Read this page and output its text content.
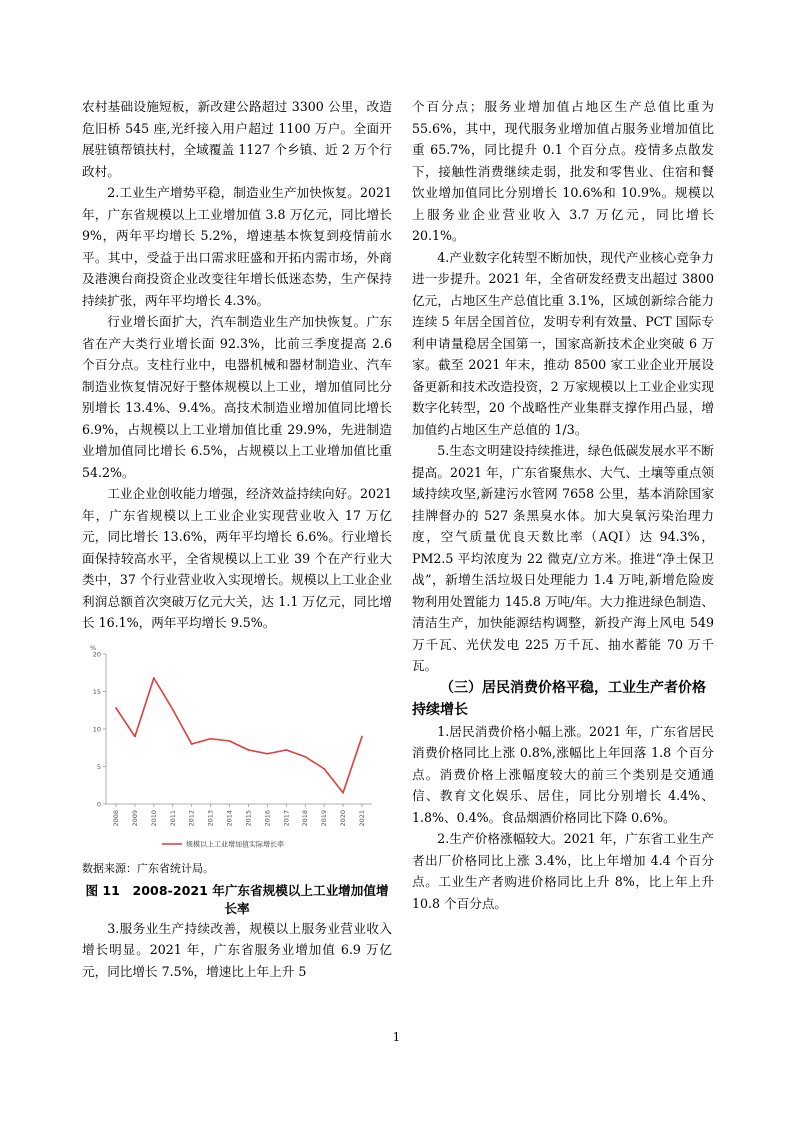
农村基础设施短板，新改建公路超过 3300 公里，改造危旧桥 545 座,光纤接入用户超过 1100 万户。全面开展驻镇帮镇扶村，全域覆盖 1127 个乡镇、近 2 万个行政村。

2.工业生产增势平稳，制造业生产加快恢复。2021 年，广东省规模以上工业增加值 3.8 万亿元，同比增长 9%，两年平均增长 5.2%，增速基本恢复到疫情前水平。其中，受益于出口需求旺盛和开拓内需市场，外商及港澳台商投资企业改变往年增长低迷态势，生产保持持续扩张，两年平均增长 4.3%。

行业增长面扩大，汽车制造业生产加快恢复。广东省在产大类行业增长面 92.3%，比前三季度提高 2.6 个百分点。支柱行业中，电器机械和器材制造业、汽车制造业恢复情况好于整体规模以上工业，增加值同比分别增长 13.4%、9.4%。高技术制造业增加值同比增长 6.9%，占规模以上工业增加值比重 29.9%，先进制造业增加值同比增长 6.5%，占规模以上工业增加值比重 54.2%。

工业企业创收能力增强，经济效益持续向好。2021 年，广东省规模以上工业企业实现营业收入 17 万亿元，同比增长 13.6%，两年平均增长 6.6%。行业增长面保持较高水平，全省规模以上工业 39 个在产行业大类中，37 个行业营业收入实现增长。规模以上工业企业利润总额首次突破万亿元大关，达 1.1 万亿元，同比增长 16.1%，两年平均增长 9.5%。

%
0
5
10
15
20
2008 2009 2010 2011 2012 2013 2014 2015 2016 2017 2018 2019 2020 2021
规模以上工业增加值实际增长率
数据来源：广东省统计局。
图 11　2008-2021 年广东省规模以上工业增加值增长率

3.服务业生产持续改善，规模以上服务业营业收入增长明显。2021 年，广东省服务业增加值 6.9 万亿元，同比增长 7.5%，增速比上年上升 5

个百分点；服务业增加值占地区生产总值比重为 55.6%，其中，现代服务业增加值占服务业增加值比重 65.7%，同比提升 0.1 个百分点。疫情多点散发下，接触性消费继续走弱，批发和零售业、住宿和餐饮业增加值同比分别增长 10.6%和 10.9%。规模以上服务业企业营业收入 3.7 万亿元，同比增长 20.1%。

4.产业数字化转型不断加快，现代产业核心竞争力进一步提升。2021 年，全省研发经费支出超过 3800 亿元，占地区生产总值比重 3.1%，区域创新综合能力连续 5 年居全国首位，发明专利有效量、PCT 国际专利申请量稳居全国第一，国家高新技术企业突破 6 万家。截至 2021 年末，推动 8500 家工业企业开展设备更新和技术改造投资，2 万家规模以上工业企业实现数字化转型，20 个战略性产业集群支撑作用凸显，增加值约占地区生产总值的 1/3。

5.生态文明建设持续推进，绿色低碳发展水平不断提高。2021 年，广东省聚焦水、大气、土壤等重点领域持续攻坚,新建污水管网 7658 公里，基本消除国家挂牌督办的 527 条黑臭水体。加大臭氧污染治理力度，空气质量优良天数比率（AQI）达 94.3%，PM2.5 平均浓度为 22 微克/立方米。推进“净土保卫战”，新增生活垃圾日处理能力 1.4 万吨,新增危险废物利用处置能力 145.8 万吨/年。大力推进绿色制造、清洁生产，加快能源结构调整，新投产海上风电 549 万千瓦、光伏发电 225 万千瓦、抽水蓄能 70 万千瓦。

（三）居民消费价格平稳，工业生产者价格持续增长

1.居民消费价格小幅上涨。2021 年，广东省居民消费价格同比上涨 0.8%,涨幅比上年回落 1.8 个百分点。消费价格上涨幅度较大的前三个类别是交通通信、教育文化娱乐、居住，同比分别增长 4.4%、1.8%、0.4%。食品烟酒价格同比下降 0.6%。

2.生产价格涨幅较大。2021 年，广东省工业生产者出厂价格同比上涨 3.4%，比上年增加 4.4 个百分点。工业生产者购进价格同比上升 8%，比上年上升 10.8 个百分点。

1
